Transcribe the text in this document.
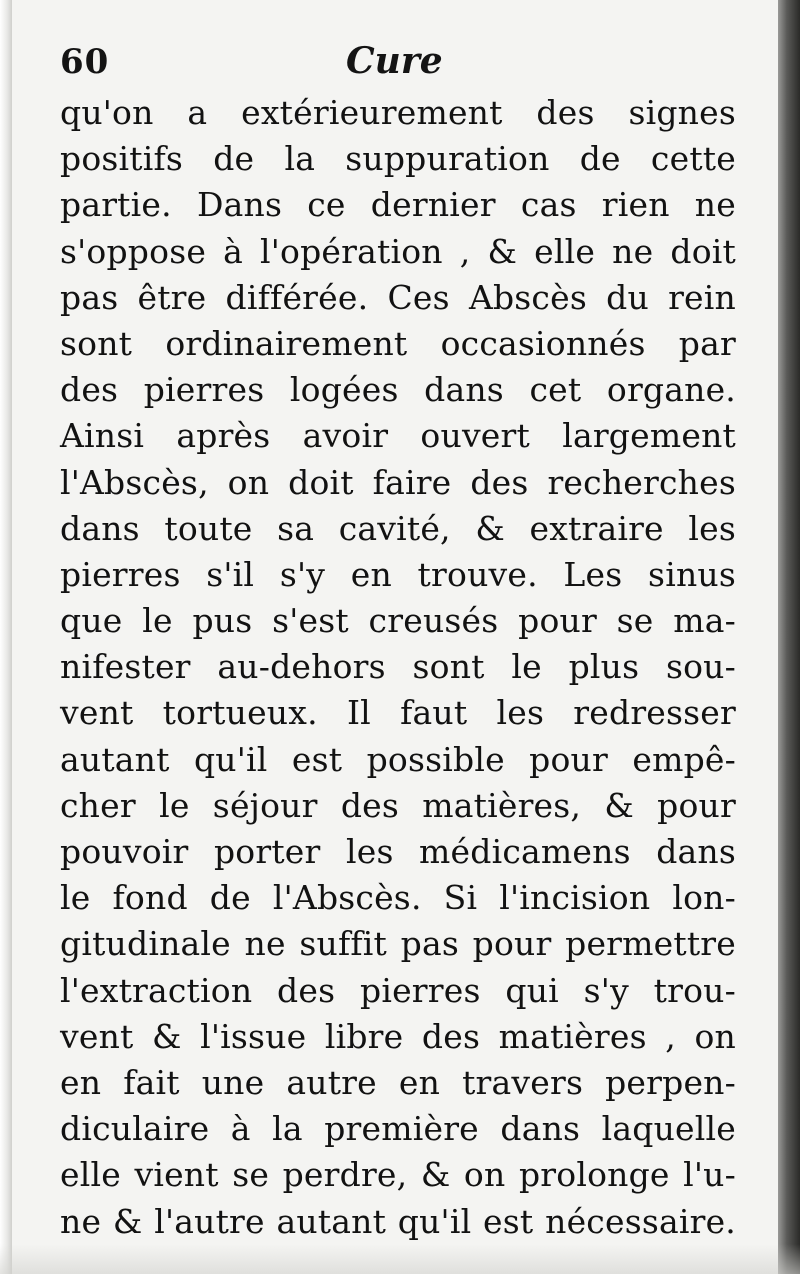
60	Cure
qu'on a extérieurement des signes
positifs de la suppuration de cette
partie. Dans ce dernier cas rien ne
s'oppose à l'opération , & elle ne doit
pas être différée. Ces Abscès du rein
sont ordinairement occasionnés par
des pierres logées dans cet organe.
Ainsi après avoir ouvert largement
l'Abscès, on doit faire des recherches
dans toute sa cavité, & extraire les
pierres s'il s'y en trouve. Les sinus
que le pus s'est creusés pour se ma-
nifester au-dehors sont le plus sou-
vent tortueux. Il faut les redresser
autant qu'il est possible pour empê-
cher le séjour des matières, & pour
pouvoir porter les médicamens dans
le fond de l'Abscès. Si l'incision lon-
gitudinale ne suffit pas pour permettre
l'extraction des pierres qui s'y trou-
vent & l'issue libre des matières , on
en fait une autre en travers perpen-
diculaire à la première dans laquelle
elle vient se perdre, & on prolonge l'u-
ne & l'autre autant qu'il est nécessaire.
